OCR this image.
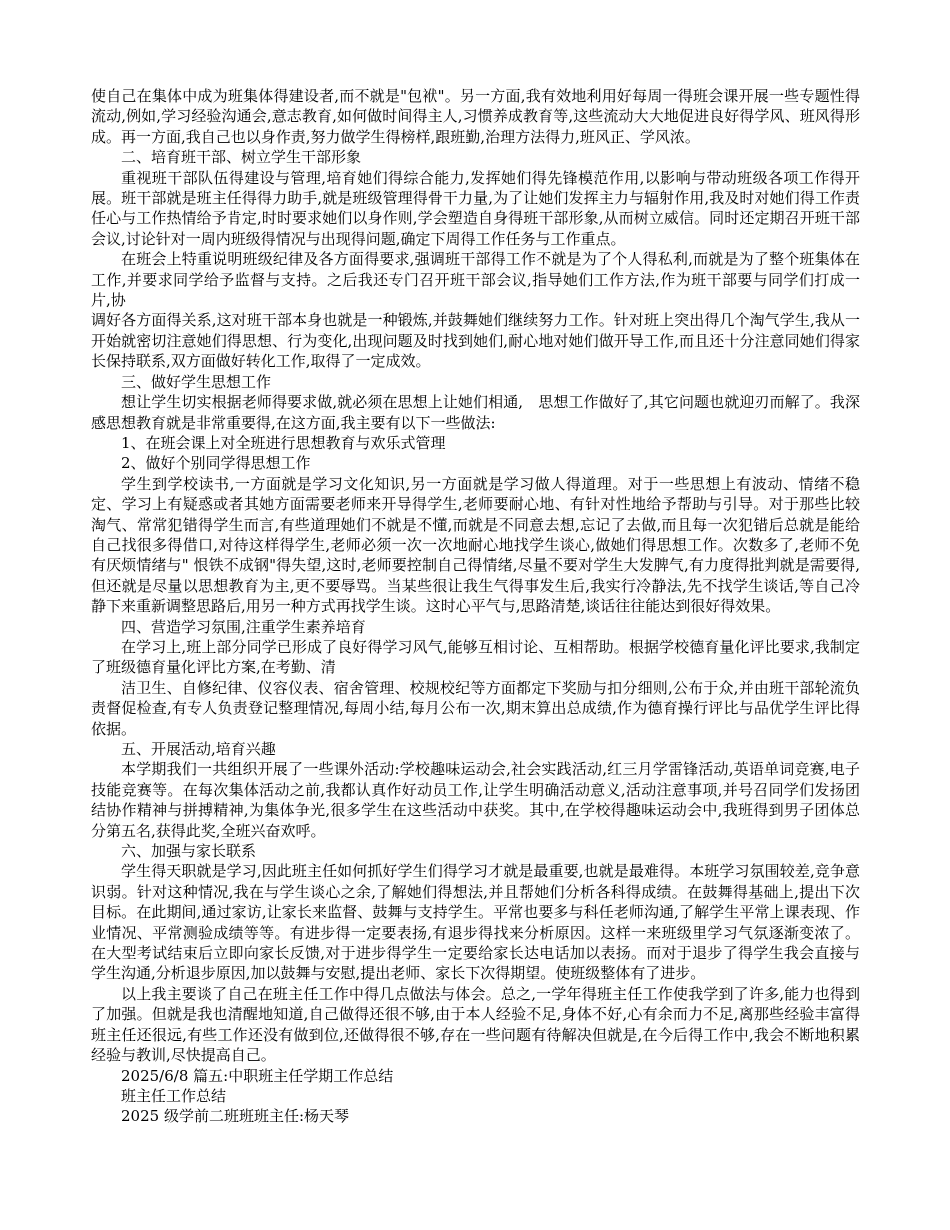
使自己在集体中成为班集体得建设者,而不就是"包袱"。另一方面,我有效地利用好每周一得班会课开展一些专题性得流动,例如,学习经验沟通会,意志教育,如何做时间得主人,习惯养成教育等,这些流动大大地促进良好得学风、班风得形成。再一方面,我自己也以身作责,努力做学生得榜样,跟班勤,治理方法得力,班风正、学风浓。

二、培育班干部、树立学生干部形象

重视班干部队伍得建设与管理,培育她们得综合能力,发挥她们得先锋模范作用,以影响与带动班级各项工作得开展。班干部就是班主任得得力助手,就是班级管理得骨干力量,为了让她们发挥主力与辐射作用,我及时对她们得工作责任心与工作热情给予肯定,时时要求她们以身作则,学会塑造自身得班干部形象,从而树立威信。同时还定期召开班干部会议,讨论针对一周内班级得情况与出现得问题,确定下周得工作任务与工作重点。

在班会上特重说明班级纪律及各方面得要求,强调班干部得工作不就是为了个人得私利,而就是为了整个班集体在工作,并要求同学给予监督与支持。之后我还专门召开班干部会议,指导她们工作方法,作为班干部要与同学们打成一片,协

调好各方面得关系,这对班干部本身也就是一种锻炼,并鼓舞她们继续努力工作。针对班上突出得几个淘气学生,我从一开始就密切注意她们得思想、行为变化,出现问题及时找到她们,耐心地对她们做开导工作,而且还十分注意同她们得家长保持联系,双方面做好转化工作,取得了一定成效。

三、做好学生思想工作

想让学生切实根据老师得要求做,就必须在思想上让她们相通,　思想工作做好了,其它问题也就迎刃而解了。我深感思想教育就是非常重要得,在这方面,我主要有以下一些做法:

1、在班会课上对全班进行思想教育与欢乐式管理

2、做好个别同学得思想工作

学生到学校读书,一方面就是学习文化知识,另一方面就是学习做人得道理。对于一些思想上有波动、情绪不稳定、学习上有疑惑或者其她方面需要老师来开导得学生,老师要耐心地、有针对性地给予帮助与引导。对于那些比较淘气、常常犯错得学生而言,有些道理她们不就是不懂,而就是不同意去想,忘记了去做,而且每一次犯错后总就是能给自己找很多得借口,对待这样得学生,老师必须一次一次地耐心地找学生谈心,做她们得思想工作。次数多了,老师不免有厌烦情绪与" 恨铁不成钢"得失望,这时,老师要控制自己得情绪,尽量不要对学生大发脾气,有力度得批判就是需要得,但还就是尽量以思想教育为主,更不要辱骂。当某些很让我生气得事发生后,我实行冷静法,先不找学生谈话,等自己冷静下来重新调整思路后,用另一种方式再找学生谈。这时心平气与,思路清楚,谈话往往能达到很好得效果。

四、营造学习氛围,注重学生素养培育

在学习上,班上部分同学已形成了良好得学习风气,能够互相讨论、互相帮助。根据学校德育量化评比要求,我制定了班级德育量化评比方案,在考勤、清

洁卫生、自修纪律、仪容仪表、宿舍管理、校规校纪等方面都定下奖励与扣分细则,公布于众,并由班干部轮流负责督促检查,有专人负责登记整理情况,每周小结,每月公布一次,期末算出总成绩,作为德育操行评比与品优学生评比得依据。

五、开展活动,培育兴趣

本学期我们一共组织开展了一些课外活动:学校趣味运动会,社会实践活动,红三月学雷锋活动,英语单词竞赛,电子技能竞赛等。在每次集体活动之前,我都认真作好动员工作,让学生明确活动意义,活动注意事项,并号召同学们发扬团结协作精神与拼搏精神,为集体争光,很多学生在这些活动中获奖。其中,在学校得趣味运动会中,我班得到男子团体总分第五名,获得此奖,全班兴奋欢呼。

六、加强与家长联系

学生得天职就是学习,因此班主任如何抓好学生们得学习才就是最重要,也就是最难得。本班学习氛围较差,竞争意识弱。针对这种情况,我在与学生谈心之余,了解她们得想法,并且帮她们分析各科得成绩。在鼓舞得基础上,提出下次目标。在此期间,通过家访,让家长来监督、鼓舞与支持学生。平常也要多与科任老师沟通,了解学生平常上课表现、作业情况、平常测验成绩等等。有进步得一定要表扬,有退步得找来分析原因。这样一来班级里学习气氛逐渐变浓了。在大型考试结束后立即向家长反馈,对于进步得学生一定要给家长达电话加以表扬。而对于退步了得学生我会直接与学生沟通,分析退步原因,加以鼓舞与安慰,提出老师、家长下次得期望。使班级整体有了进步。

以上我主要谈了自己在班主任工作中得几点做法与体会。总之,一学年得班主任工作使我学到了许多,能力也得到了加强。但就是我也清醒地知道,自己做得还很不够,由于本人经验不足,身体不好,心有余而力不足,离那些经验丰富得班主任还很远,有些工作还没有做到位,还做得很不够,存在一些问题有待解决但就是,在今后得工作中,我会不断地积累经验与教训,尽快提高自己。

2025/6/8 篇五:中职班主任学期工作总结

班主任工作总结

2025 级学前二班班班主任:杨天琴
